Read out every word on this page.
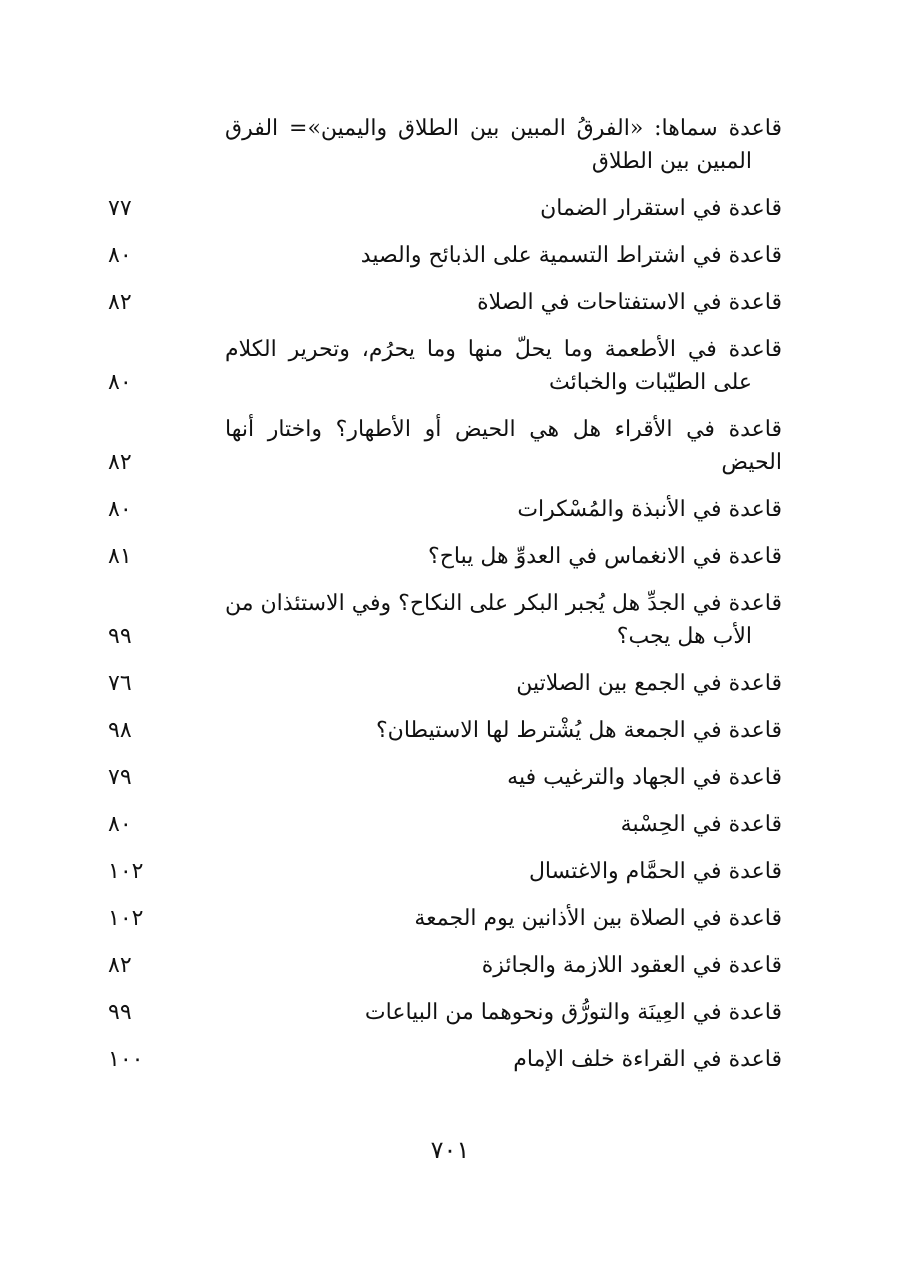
قاعدة سماها: «الفرقُ المبين بين الطلاق واليمين»= الفرق المبين بين الطلاق
قاعدة في استقرار الضمان
٧٧
قاعدة في اشتراط التسمية على الذبائح والصيد
٨٠
قاعدة في الاستفتاحات في الصلاة
٨٢
قاعدة في الأطعمة وما يحلّ منها وما يحرُم، وتحرير الكلام على الطيّبات والخبائث
٨٠
قاعدة في الأقراء هل هي الحيض أو الأطهار؟ واختار أنها الحيض
٨٢
قاعدة في الأنبذة والمُسْكرات
٨٠
قاعدة في الانغماس في العدوِّ هل يباح؟
٨١
قاعدة في الجدِّ هل يُجبر البكر على النكاح؟ وفي الاستئذان من الأب هل يجب؟
٩٩
قاعدة في الجمع بين الصلاتين
٧٦
قاعدة في الجمعة هل يُشْترط لها الاستيطان؟
٩٨
قاعدة في الجهاد والترغيب فيه
٧٩
قاعدة في الحِسْبة
٨٠
قاعدة في الحمَّام والاغتسال
١٠٢
قاعدة في الصلاة بين الأذانين يوم الجمعة
١٠٢
قاعدة في العقود اللازمة والجائزة
٨٢
قاعدة في العِينَة والتورُّق ونحوهما من البياعات
٩٩
قاعدة في القراءة خلف الإمام
١٠٠
٧٠١
